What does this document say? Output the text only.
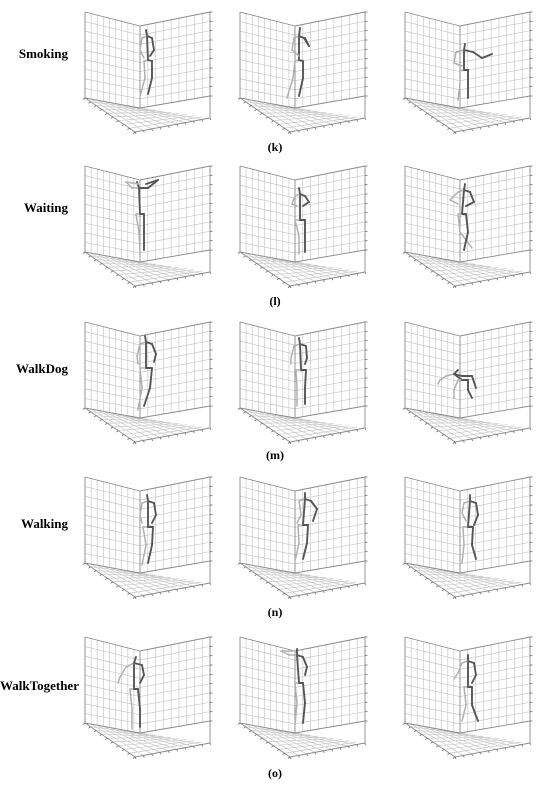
Smoking
(k)
Waiting
(l)
WalkDog
(m)
Walking
(n)
WalkTogether
(o)
